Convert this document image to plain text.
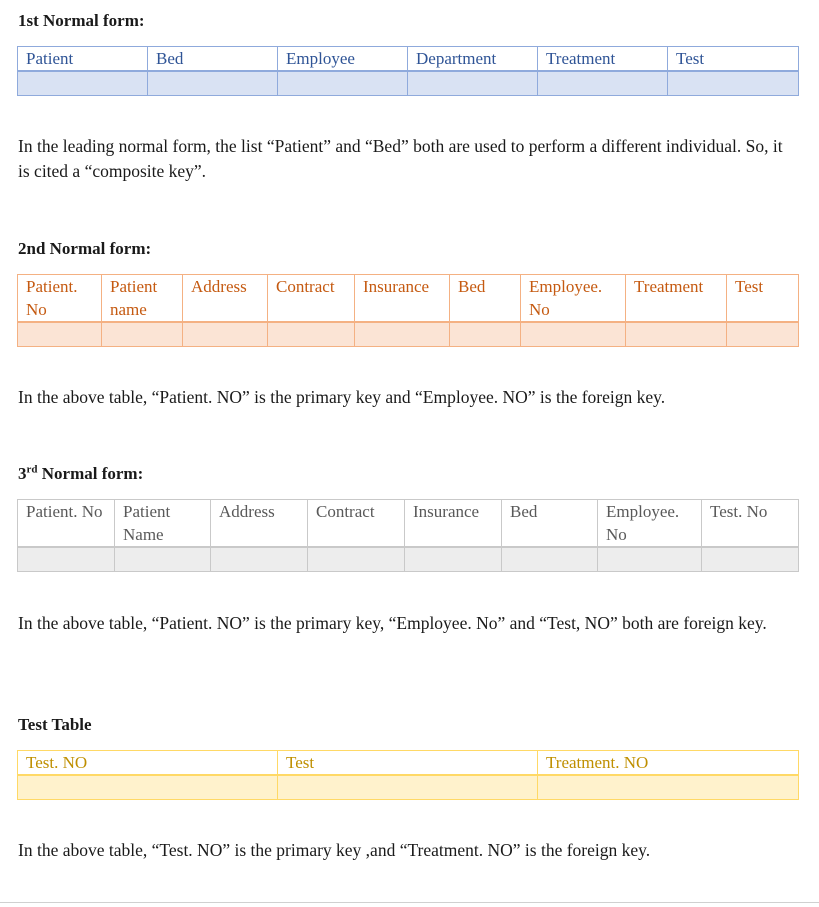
1st Normal form:
Patient	Bed	Employee	Department	Treatment	Test

In the leading normal form, the list “Patient” and “Bed” both are used to perform a different individual. So, it is cited a “composite key”.
2nd Normal form:
Patient. No	Patient name	Address	Contract	Insurance	Bed	Employee. No	Treatment	Test

In the above table, “Patient. NO” is the primary key and “Employee. NO” is the foreign key.
3rd Normal form:
Patient. No	Patient Name	Address	Contract	Insurance	Bed	Employee. No	Test. No

In the above table, “Patient. NO” is the primary key, “Employee. No” and “Test, NO” both are foreign key.
Test Table
Test. NO	Test	Treatment. NO

In the above table, “Test. NO” is the primary key ,and “Treatment. NO” is the foreign key.
